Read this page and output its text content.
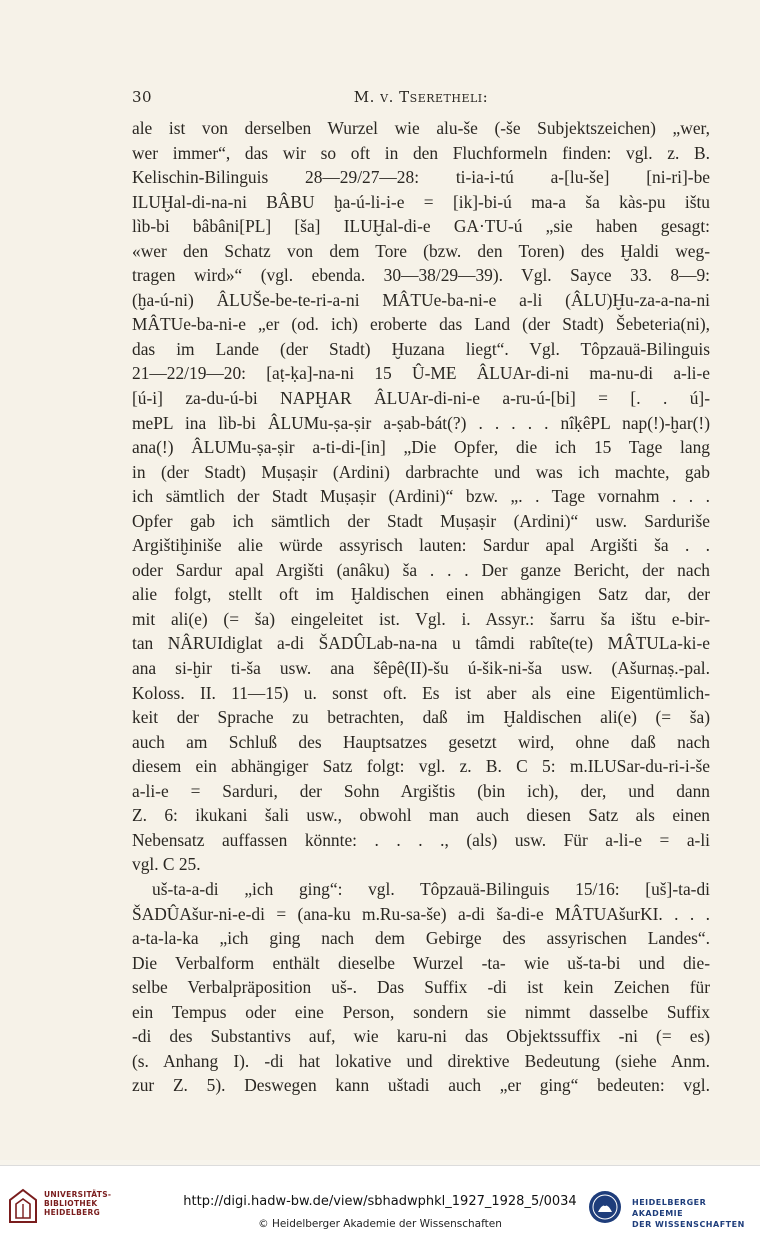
30	M. v. Tseretheli:
ale ist von derselben Wurzel wie alu-še (-še Subjektszeichen) „wer,
wer immer“, das wir so oft in den Fluchformeln finden: vgl. z. B.
Kelischin-Bilinguis 28—29/27—28: ti-ia-i-tú a-[lu-še] [ni-ri]-be
ILUḪal-di-na-ni BÂBU ḫa-ú-li-i-e = [ik]-bi-ú ma-a ša kàs-pu ištu
lìb-bi bâbâni[PL] [ša] ILUḪal-di-e GA·TU-ú „sie haben gesagt:
«wer den Schatz von dem Tore (bzw. den Toren) des Ḫaldi weg-
tragen wird»“ (vgl. ebenda. 30—38/29—39). Vgl. Sayce 33. 8—9:
(ḫa-ú-ni) ÂLUŠe-be-te-ri-a-ni MÂTUe-ba-ni-e a-li (ÂLU)Ḫu-za-a-na-ni
MÂTUe-ba-ni-e „er (od. ich) eroberte das Land (der Stadt) Šebeteria(ni),
das im Lande (der Stadt) Ḫuzana liegt“. Vgl. Tôpzauä-Bilinguis
21—22/19—20: [aṭ-ḳa]-na-ni 15 Û-ME ÂLUAr-di-ni ma-nu-di a-li-e
[ú-i] za-du-ú-bi NAPḪAR ÂLUAr-di-ni-e a-ru-ú-[bi] = [. . ú]-
mePL ina lìb-bi ÂLUMu-ṣa-ṣir a-ṣab-bát(?) . . . . . nîḳêPL nap(!)-ḫar(!)
ana(!) ÂLUMu-ṣa-ṣir a-ti-di-[in] „Die Opfer, die ich 15 Tage lang
in (der Stadt) Muṣaṣir (Ardini) darbrachte und was ich machte, gab
ich sämtlich der Stadt Muṣaṣir (Ardini)“ bzw. „. . Tage vornahm . . .
Opfer gab ich sämtlich der Stadt Muṣaṣir (Ardini)“ usw. Sarduriše
Argištiḫiniše alie würde assyrisch lauten: Sardur apal Argišti ša . .
oder Sardur apal Argišti (anâku) ša . . . Der ganze Bericht, der nach
alie folgt, stellt oft im Ḫaldischen einen abhängigen Satz dar, der
mit ali(e) (= ša) eingeleitet ist. Vgl. i. Assyr.: šarru ša ištu e-bir-
tan NÂRUIdiglat a-di ŠADÛLab-na-na u tâmdi rabîte(te) MÂTULa-ki-e
ana si-ḫir ti-ša usw. ana šêpê(II)-šu ú-šik-ni-ša usw. (Ašurnaṣ.-pal.
Koloss. II. 11—15) u. sonst oft. Es ist aber als eine Eigentümlich-
keit der Sprache zu betrachten, daß im Ḫaldischen ali(e) (= ša)
auch am Schluß des Hauptsatzes gesetzt wird, ohne daß nach
diesem ein abhängiger Satz folgt: vgl. z. B. C 5: m.ILUSar-du-ri-i-še
a-li-e = Sarduri, der Sohn Argištis (bin ich), der, und dann
Z. 6: ikukani šali usw., obwohl man auch diesen Satz als einen
Nebensatz auffassen könnte: . . . ., (als) usw. Für a-li-e = a-li
vgl. C 25.
uš-ta-a-di „ich ging“: vgl. Tôpzauä-Bilinguis 15/16: [uš]-ta-di
ŠADÛAšur-ni-e-di = (ana-ku m.Ru-sa-še) a-di ša-di-e MÂTUAšurKI. . . .
a-ta-la-ka „ich ging nach dem Gebirge des assyrischen Landes“.
Die Verbalform enthält dieselbe Wurzel -ta- wie uš-ta-bi und die-
selbe Verbalpräposition uš-. Das Suffix -di ist kein Zeichen für
ein Tempus oder eine Person, sondern sie nimmt dasselbe Suffix
-di des Substantivs auf, wie karu-ni das Objektssuffix -ni (= es)
(s. Anhang I). -di hat lokative und direktive Bedeutung (siehe Anm.
zur Z. 5). Deswegen kann uštadi auch „er ging“ bedeuten: vgl.
UNIVERSITÄTS-
BIBLIOTHEK
HEIDELBERG
http://digi.hadw-bw.de/view/sbhadwphkl_1927_1928_5/0034
© Heidelberger Akademie der Wissenschaften
HEIDELBERGER AKADEMIE
DER WISSENSCHAFTEN
